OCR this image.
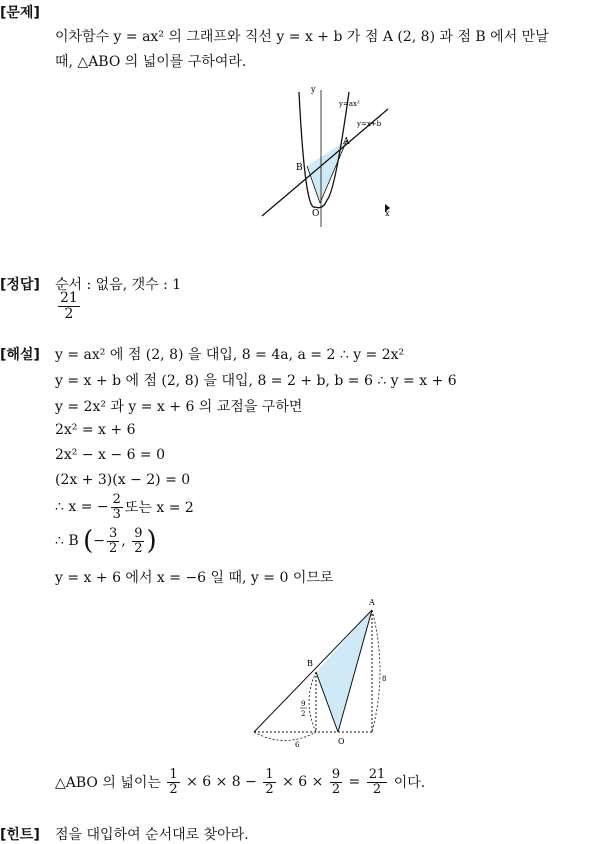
[문제]
이차함수 y = ax² 의 그래프와 직선 y = x + b 가 점 A (2, 8) 과 점 B 에서 만날
때, △ABO 의 넓이를 구하여라.
y
x
y=ax²
y=x+b
A
B
O
[정답] 순서 : 없음, 갯수 : 1
$\frac{21}{2}$
[해설] y = ax² 에 점 (2, 8) 을 대입, 8 = 4a, a = 2 ∴ y = 2x²
y = x + b 에 점 (2, 8) 을 대입, 8 = 2 + b, b = 6 ∴ y = x + 6
y = 2x² 과 y = x + 6 의 교점을 구하면
2x² = x + 6
2x² − x − 6 = 0
(2x + 3)(x − 2) = 0
∴ x = − $\frac{2}{3}$ 또는 x = 2
∴ B (− $\frac{3}{2}$ , $\frac{9}{2}$ )
y = x + 6 에서 x = −6 일 때, y = 0 이므로
A
B
O
8
6
9
2
△ABO 의 넓이는 $\frac{1}{2} \times 6 \times 8 - \frac{1}{2} \times 6 \times \frac{9}{2} = \frac{21}{2}$ 이다.
[힌트] 점을 대입하여 순서대로 찾아라.
